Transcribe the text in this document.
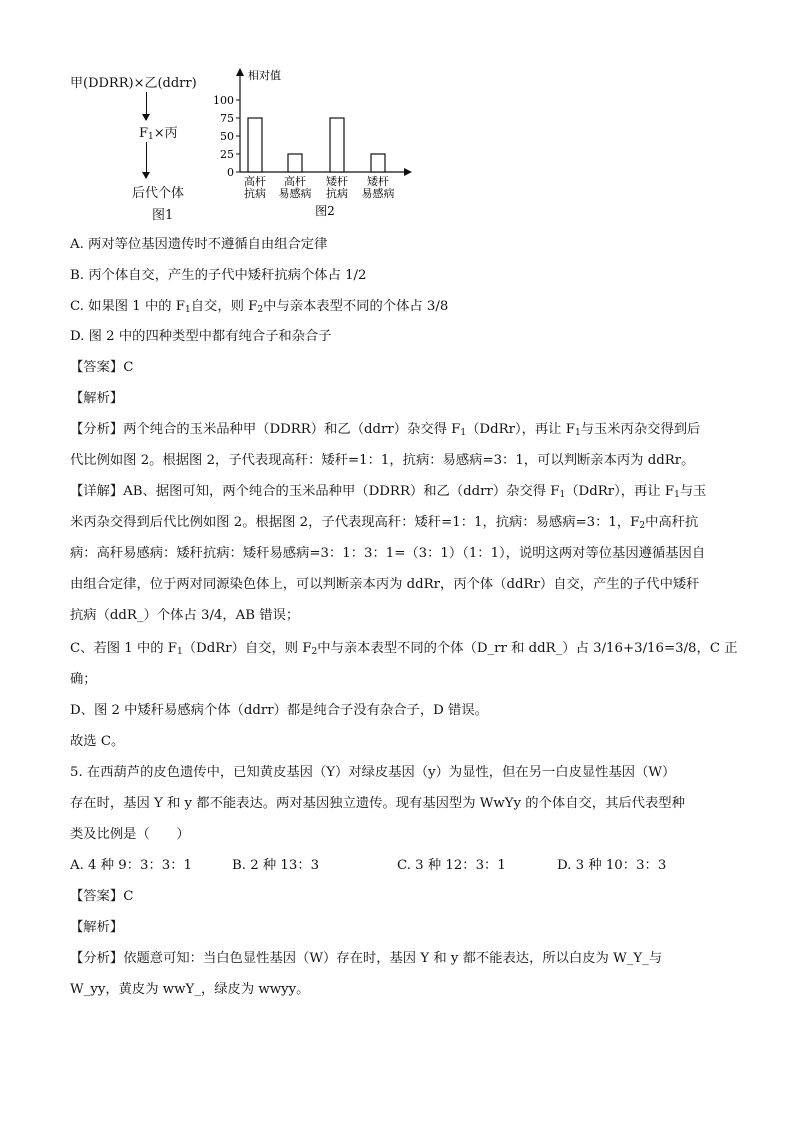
甲(DDRR)×乙(ddrr)
$F_1\times$丙
后代个体
图1
相对值
100
75
50
25
0
高杆
抗病
高杆
易感病
矮杆
抗病
矮杆
易感病
图2
A. 两对等位基因遗传时不遵循自由组合定律
B. 丙个体自交，产生的子代中矮秆抗病个体占 1/2
C. 如果图 1 中的 $F_1$自交，则 $F_2$中与亲本表型不同的个体占 3/8
D. 图 2 中的四种类型中都有纯合子和杂合子
【答案】C
【解析】
【分析】两个纯合的玉米品种甲（DDRR）和乙（ddrr）杂交得 $F_1(DdRr)$，再让 $F_1$与玉米丙杂交得到后
代比例如图 2。根据图 2，子代表现高秆：矮秆=1：1，抗病：易感病=3：1，可以判断亲本丙为 ddRr。
【详解】AB、据图可知，两个纯合的玉米品种甲（DDRR）和乙（ddrr）杂交得 $F_1(DdRr)$，再让 $F_1$与玉
米丙杂交得到后代比例如图 2。根据图 2，子代表现高秆：矮秆=1：1，抗病：易感病=3：1，$F_2$中高秆抗
病：高秆易感病：矮秆抗病：矮秆易感病=3：1：3：1=（3：1）（1：1），说明这两对等位基因遵循基因自
由组合定律，位于两对同源染色体上，可以判断亲本丙为 ddRr，丙个体（ddRr）自交，产生的子代中矮秆
抗病（ddR_）个体占 3/4，AB 错误；
C、若图 1 中的 $F_1(DdRr)$自交，则 $F_2$中与亲本表型不同的个体（D_rr 和 ddR_）占 3/16+3/16=3/8，C 正
确；
D、图 2 中矮秆易感病个体（ddrr）都是纯合子没有杂合子，D 错误。
故选 C。
5. 在西葫芦的皮色遗传中，已知黄皮基因（Y）对绿皮基因（y）为显性，但在另一白皮显性基因（W）
存在时，基因 Y 和 y 都不能表达。两对基因独立遗传。现有基因型为 WwYy 的个体自交，其后代表型种
类及比例是（　　）
A. 4 种 9：3：3：1	B. 2 种 13：3	C. 3 种 12：3：1	D. 3 种 10：3：3
【答案】C
【解析】
【分析】依题意可知：当白色显性基因（W）存在时，基因 Y 和 y 都不能表达，所以白皮为 W_Y_与
W_yy，黄皮为 wwY_，绿皮为 wwyy。
